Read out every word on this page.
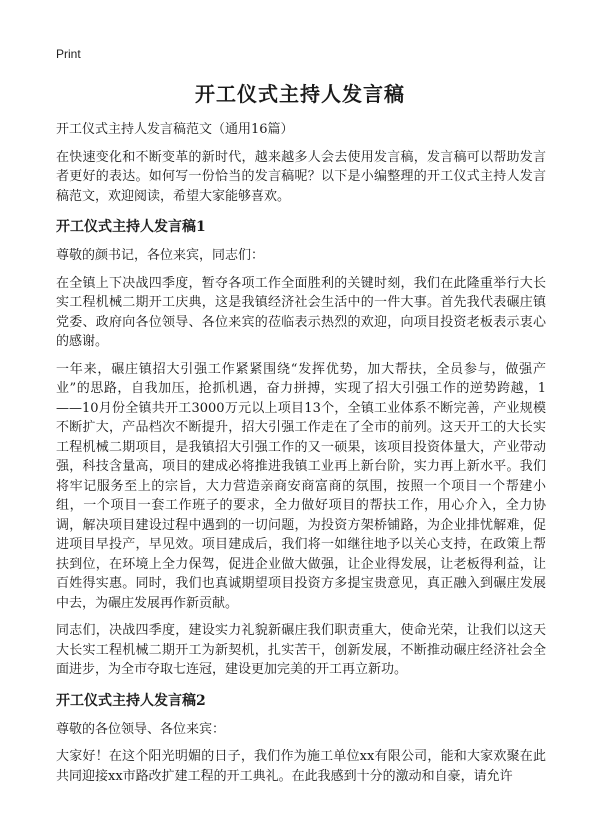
Print
开工仪式主持人发言稿

开工仪式主持人发言稿范文（通用16篇）

在快速变化和不断变革的新时代，越来越多人会去使用发言稿，发言稿可以帮助发言者更好的表达。如何写一份恰当的发言稿呢？以下是小编整理的开工仪式主持人发言稿范文，欢迎阅读，希望大家能够喜欢。

开工仪式主持人发言稿1

尊敬的颜书记，各位来宾，同志们：

在全镇上下决战四季度，暂夺各项工作全面胜利的关键时刻，我们在此隆重举行大长实工程机械二期开工庆典，这是我镇经济社会生活中的一件大事。首先我代表碾庄镇党委、政府向各位领导、各位来宾的莅临表示热烈的欢迎，向项目投资老板表示衷心的感谢。

一年来，碾庄镇招大引强工作紧紧围绕“发挥优势，加大帮扶，全员参与，做强产业”的思路，自我加压，抢抓机遇，奋力拼搏，实现了招大引强工作的逆势跨越，1——10月份全镇共开工3000万元以上项目13个，全镇工业体系不断完善，产业规模不断扩大，产品档次不断提升，招大引强工作走在了全市的前列。这天开工的大长实工程机械二期项目，是我镇招大引强工作的又一硕果，该项目投资体量大，产业带动强，科技含量高，项目的建成必将推进我镇工业再上新台阶，实力再上新水平。我们将牢记服务至上的宗旨，大力营造亲商安商富商的氛围，按照一个项目一个帮建小组，一个项目一套工作班子的要求，全力做好项目的帮扶工作，用心介入，全力协调，解决项目建设过程中遇到的一切问题，为投资方架桥铺路，为企业排忧解难，促进项目早投产，早见效。项目建成后，我们将一如继往地予以关心支持，在政策上帮扶到位，在环境上全力保驾，促进企业做大做强，让企业得发展，让老板得利益，让百姓得实惠。同时，我们也真诚期望项目投资方多提宝贵意见，真正融入到碾庄发展中去，为碾庄发展再作新贡献。

同志们，决战四季度，建设实力礼貌新碾庄我们职责重大，使命光荣，让我们以这天大长实工程机械二期开工为新契机，扎实苦干，创新发展，不断推动碾庄经济社会全面进步，为全市夺取七连冠，建设更加完美的开工再立新功。

开工仪式主持人发言稿2

尊敬的各位领导、各位来宾：

大家好！在这个阳光明媚的日子，我们作为施工单位xx有限公司，能和大家欢聚在此共同迎接xx市路改扩建工程的开工典礼。在此我感到十分的激动和自豪，请允许
